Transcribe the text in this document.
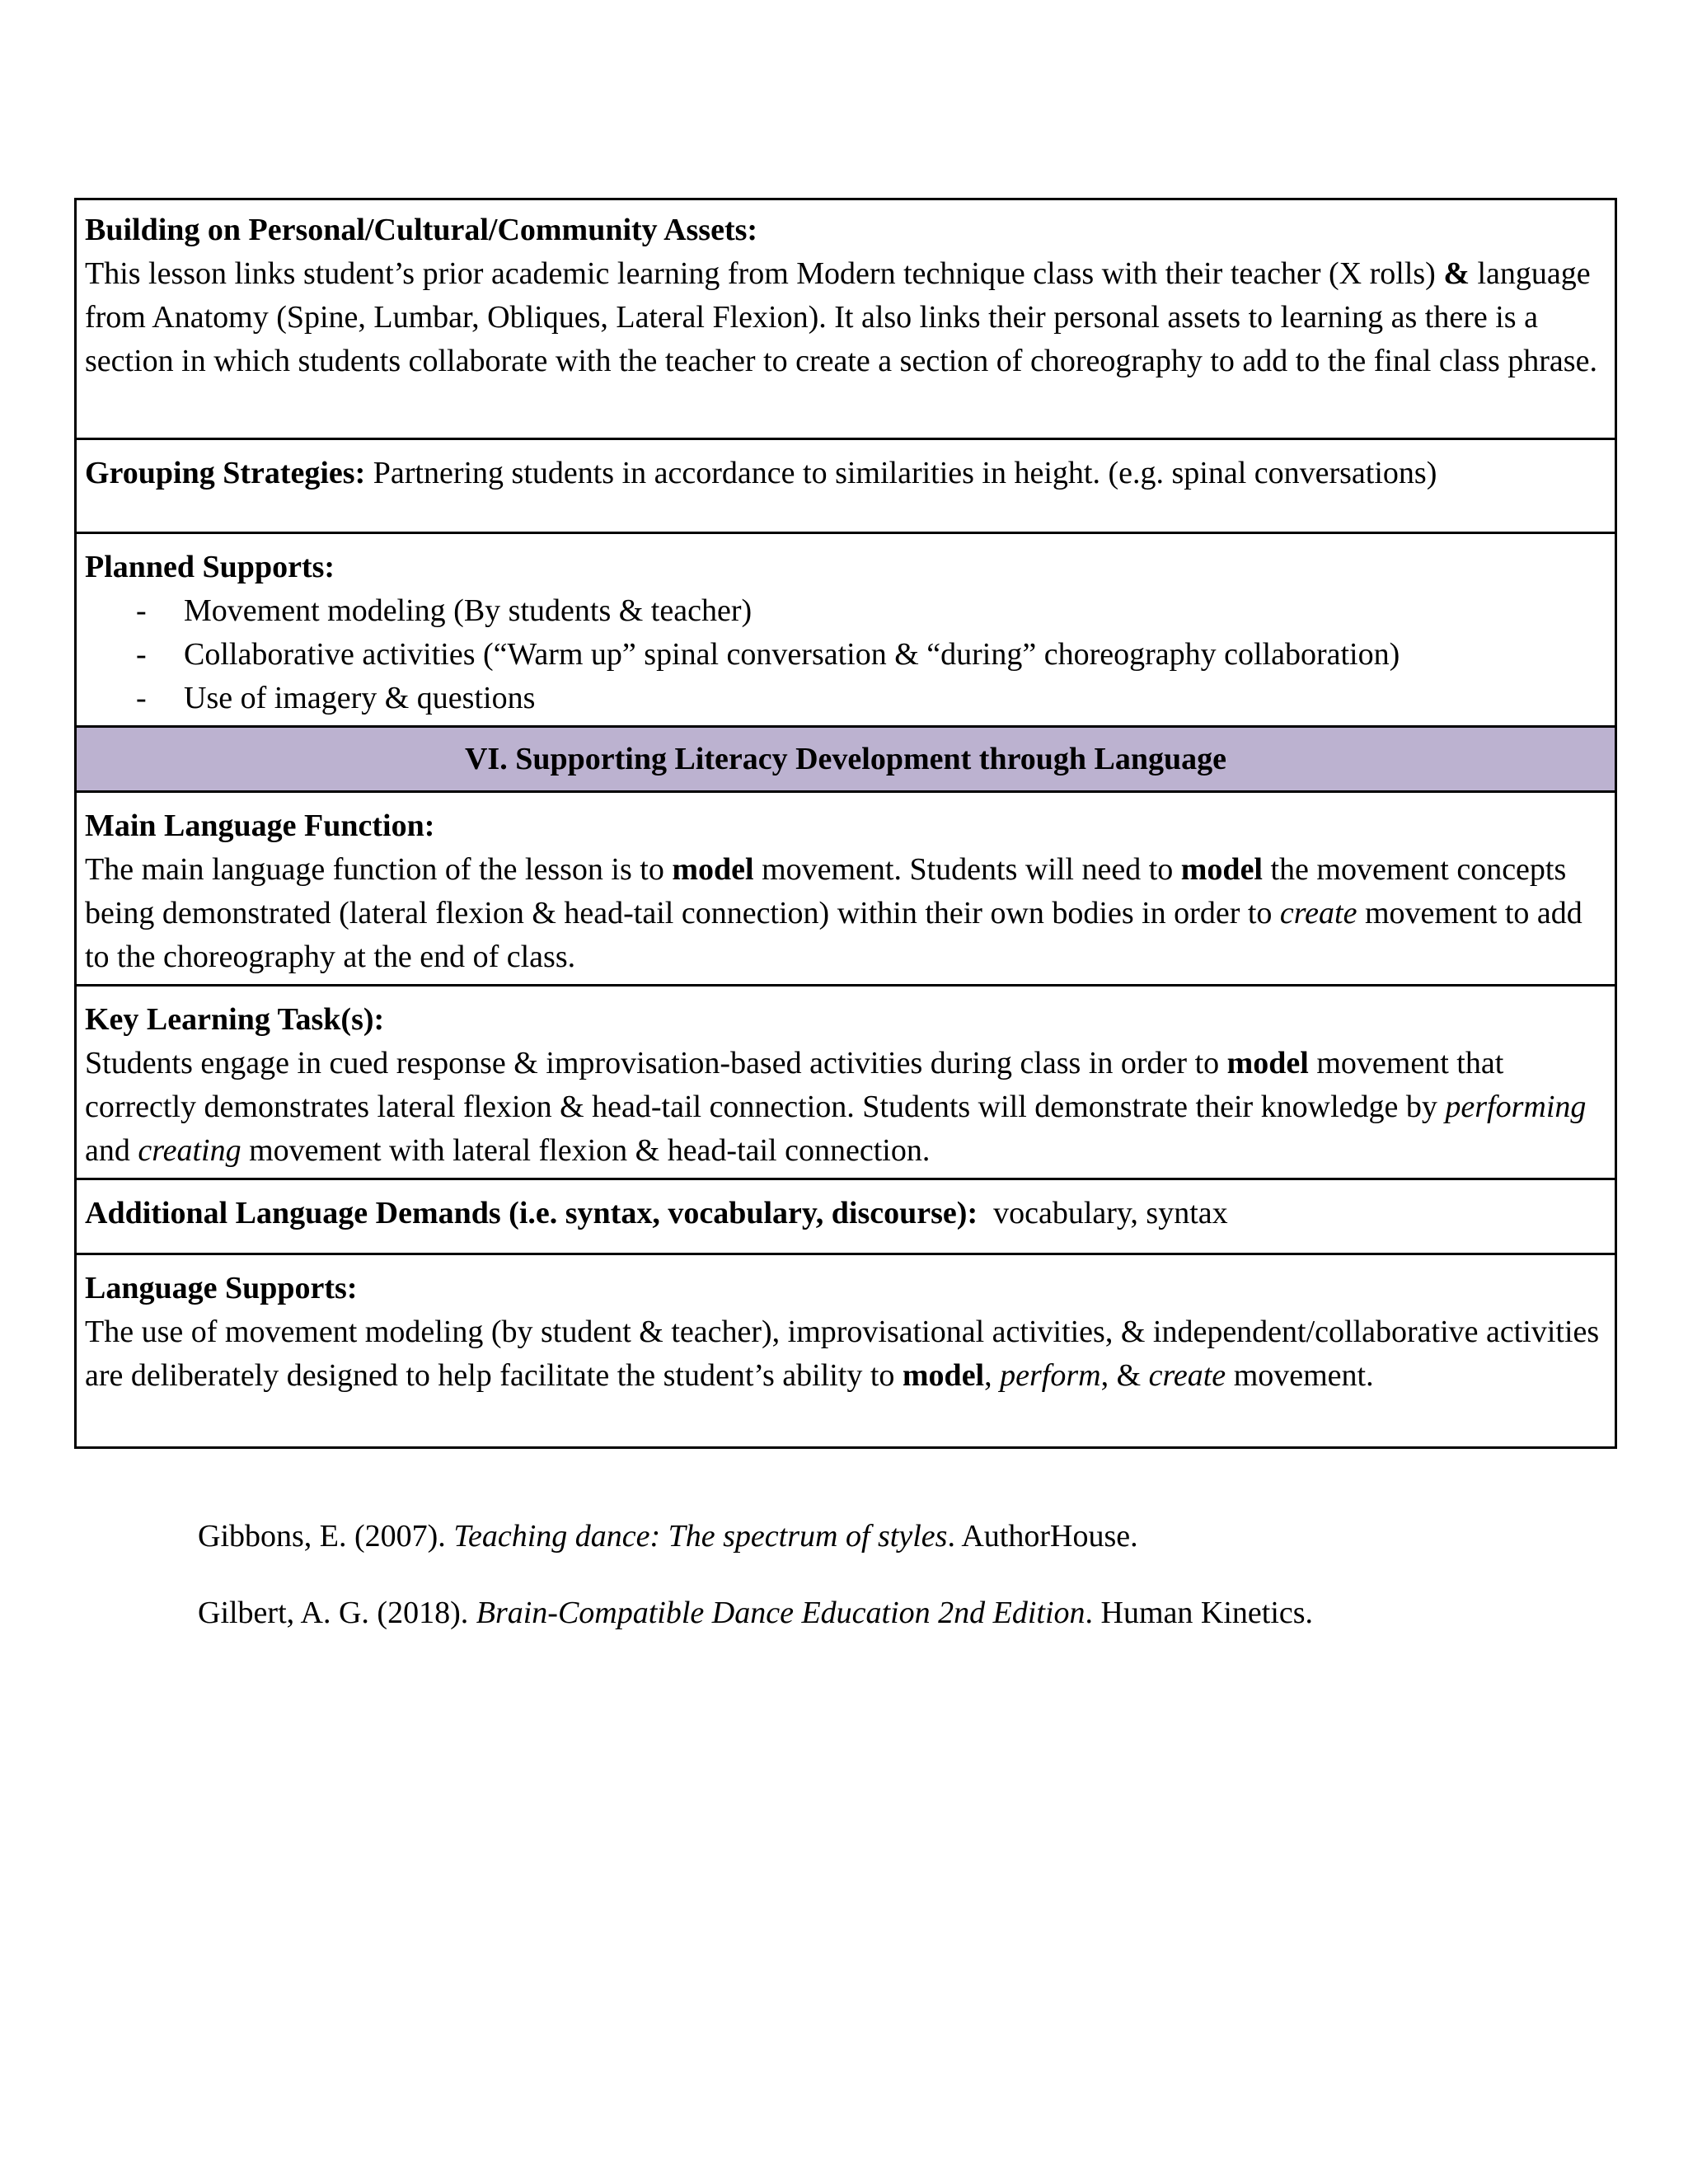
Building on Personal/Cultural/Community Assets:
This lesson links student’s prior academic learning from Modern technique class with their teacher (X rolls) & language from Anatomy (Spine, Lumbar, Obliques, Lateral Flexion). It also links their personal assets to learning as there is a section in which students collaborate with the teacher to create a section of choreography to add to the final class phrase.
Grouping Strategies: Partnering students in accordance to similarities in height. (e.g. spinal conversations)
Planned Supports:
- Movement modeling (By students & teacher)
- Collaborative activities (“Warm up” spinal conversation & “during” choreography collaboration)
- Use of imagery & questions
VI. Supporting Literacy Development through Language
Main Language Function:
The main language function of the lesson is to model movement. Students will need to model the movement concepts being demonstrated (lateral flexion & head-tail connection) within their own bodies in order to create movement to add to the choreography at the end of class.
Key Learning Task(s):
Students engage in cued response & improvisation-based activities during class in order to model movement that correctly demonstrates lateral flexion & head-tail connection. Students will demonstrate their knowledge by performing and creating movement with lateral flexion & head-tail connection.
Additional Language Demands (i.e. syntax, vocabulary, discourse):  vocabulary, syntax
Language Supports:
The use of movement modeling (by student & teacher), improvisational activities, & independent/collaborative activities are deliberately designed to help facilitate the student’s ability to model, perform, & create movement.
Gibbons, E. (2007). Teaching dance: The spectrum of styles. AuthorHouse.
Gilbert, A. G. (2018). Brain-Compatible Dance Education 2nd Edition. Human Kinetics.
